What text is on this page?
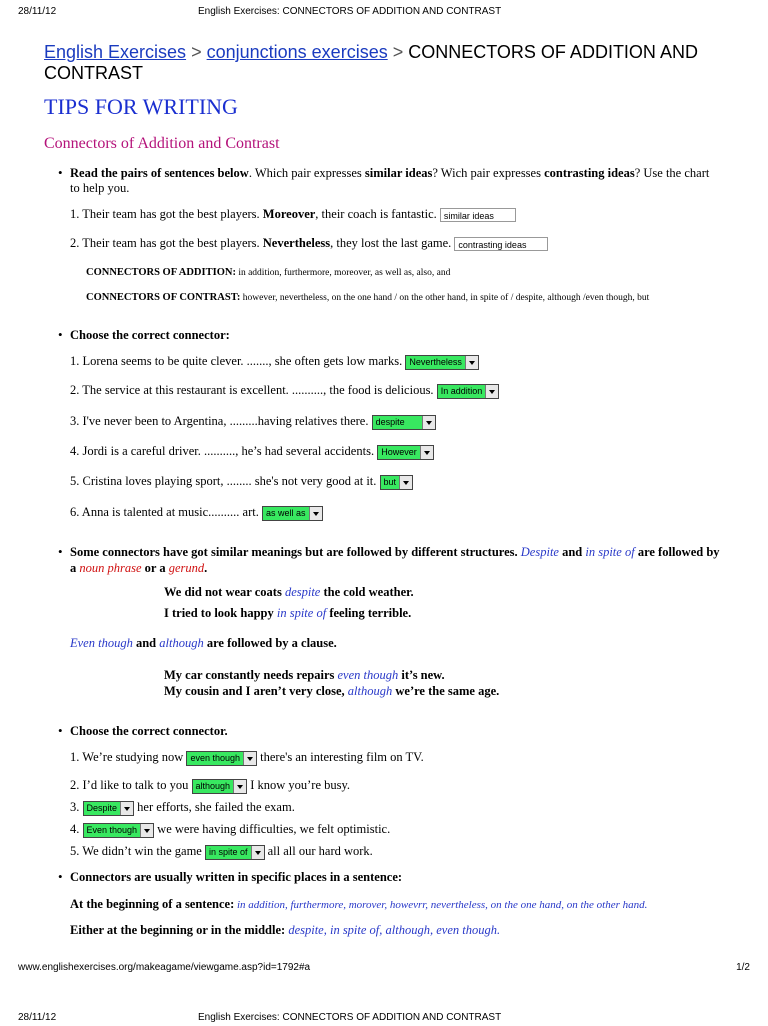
28/11/12	English Exercises: CONNECTORS OF ADDITION AND CONTRAST
English Exercises > conjunctions exercises > CONNECTORS OF ADDITION AND CONTRAST
TIPS FOR WRITING
Connectors of Addition and Contrast
• Read the pairs of sentences below. Which pair expresses similar ideas? Wich pair expresses contrasting ideas? Use the chart
to help you.
1. Their team has got the best players. Moreover, their coach is fantastic. similar ideas
2. Their team has got the best players. Nevertheless, they lost the last game. contrasting ideas
CONNECTORS OF ADDITION: in addition, furthermore, moreover, as well as, also, and
CONNECTORS OF CONTRAST: however, nevertheless, on the one hand / on the other hand, in spite of / despite, although /even though, but
• Choose the correct connector:
1. Lorena seems to be quite clever. ......., she often gets low marks. Nevertheless
2. The service at this restaurant is excellent. .........., the food is delicious. In addition
3. I've never been to Argentina, .........having relatives there. despite
4. Jordi is a careful driver. .........., he’s had several accidents. However
5. Cristina loves playing sport, ........ she's not very good at it. but
6. Anna is talented at music.......... art. as well as
• Some connectors have got similar meanings but are followed by different structures. Despite and in spite of are followed by
a noun phrase or a gerund.
We did not wear coats despite the cold weather.
I tried to look happy in spite of feeling terrible.
Even though and although are followed by a clause.
My car constantly needs repairs even though it’s new.
My cousin and I aren’t very close, although we’re the same age.
• Choose the correct connector.
1. We’re studying now even though there's an interesting film on TV.
2. I’d like to talk to you although I know you’re busy.
3. Despite her efforts, she failed the exam.
4. Even though we were having difficulties, we felt optimistic.
5. We didn’t win the game in spite of all all our hard work.
• Connectors are usually written in specific places in a sentence:
At the beginning of a sentence: in addition, furthermore, morover, howevrr, nevertheless, on the one hand, on the other hand.
Either at the beginning or in the middle: despite, in spite of, although, even though.
www.englishexercises.org/makeagame/viewgame.asp?id=1792#a	1/2
28/11/12	English Exercises: CONNECTORS OF ADDITION AND CONTRAST
